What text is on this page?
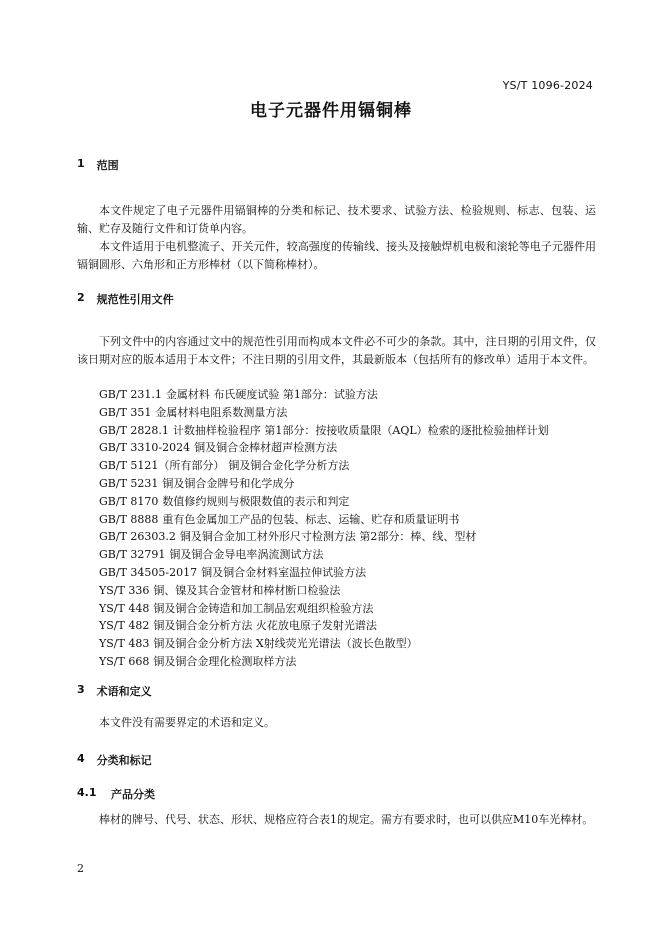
YS/T 1096-2024
电子元器件用镉铜棒
1 范围
本文件规定了电子元器件用镉铜棒的分类和标记、技术要求、试验方法、检验规则、标志、包装、运输、贮存及随行文件和订货单内容。
本文件适用于电机整流子、开关元件，较高强度的传输线、接头及接触焊机电极和滚轮等电子元器件用镉铜圆形、六角形和正方形棒材（以下简称棒材）。
2 规范性引用文件
下列文件中的内容通过文中的规范性引用而构成本文件必不可少的条款。其中，注日期的引用文件，仅该日期对应的版本适用于本文件；不注日期的引用文件，其最新版本（包括所有的修改单）适用于本文件。
GB/T 231.1 金属材料 布氏硬度试验 第1部分：试验方法
GB/T 351 金属材料电阻系数测量方法
GB/T 2828.1 计数抽样检验程序 第1部分：按接收质量限（AQL）检索的逐批检验抽样计划
GB/T 3310-2024 铜及铜合金棒材超声检测方法
GB/T 5121（所有部分） 铜及铜合金化学分析方法
GB/T 5231 铜及铜合金牌号和化学成分
GB/T 8170 数值修约规则与极限数值的表示和判定
GB/T 8888 重有色金属加工产品的包装、标志、运输、贮存和质量证明书
GB/T 26303.2 铜及铜合金加工材外形尺寸检测方法 第2部分：棒、线、型材
GB/T 32791 铜及铜合金导电率涡流测试方法
GB/T 34505-2017 铜及铜合金材料室温拉伸试验方法
YS/T 336 铜、镍及其合金管材和棒材断口检验法
YS/T 448 铜及铜合金铸造和加工制品宏观组织检验方法
YS/T 482 铜及铜合金分析方法 火花放电原子发射光谱法
YS/T 483 铜及铜合金分析方法 X射线荧光光谱法（波长色散型）
YS/T 668 铜及铜合金理化检测取样方法
3 术语和定义
本文件没有需要界定的术语和定义。
4 分类和标记
4.1 产品分类
棒材的牌号、代号、状态、形状、规格应符合表1的规定。需方有要求时，也可以供应M10车光棒材。
2
